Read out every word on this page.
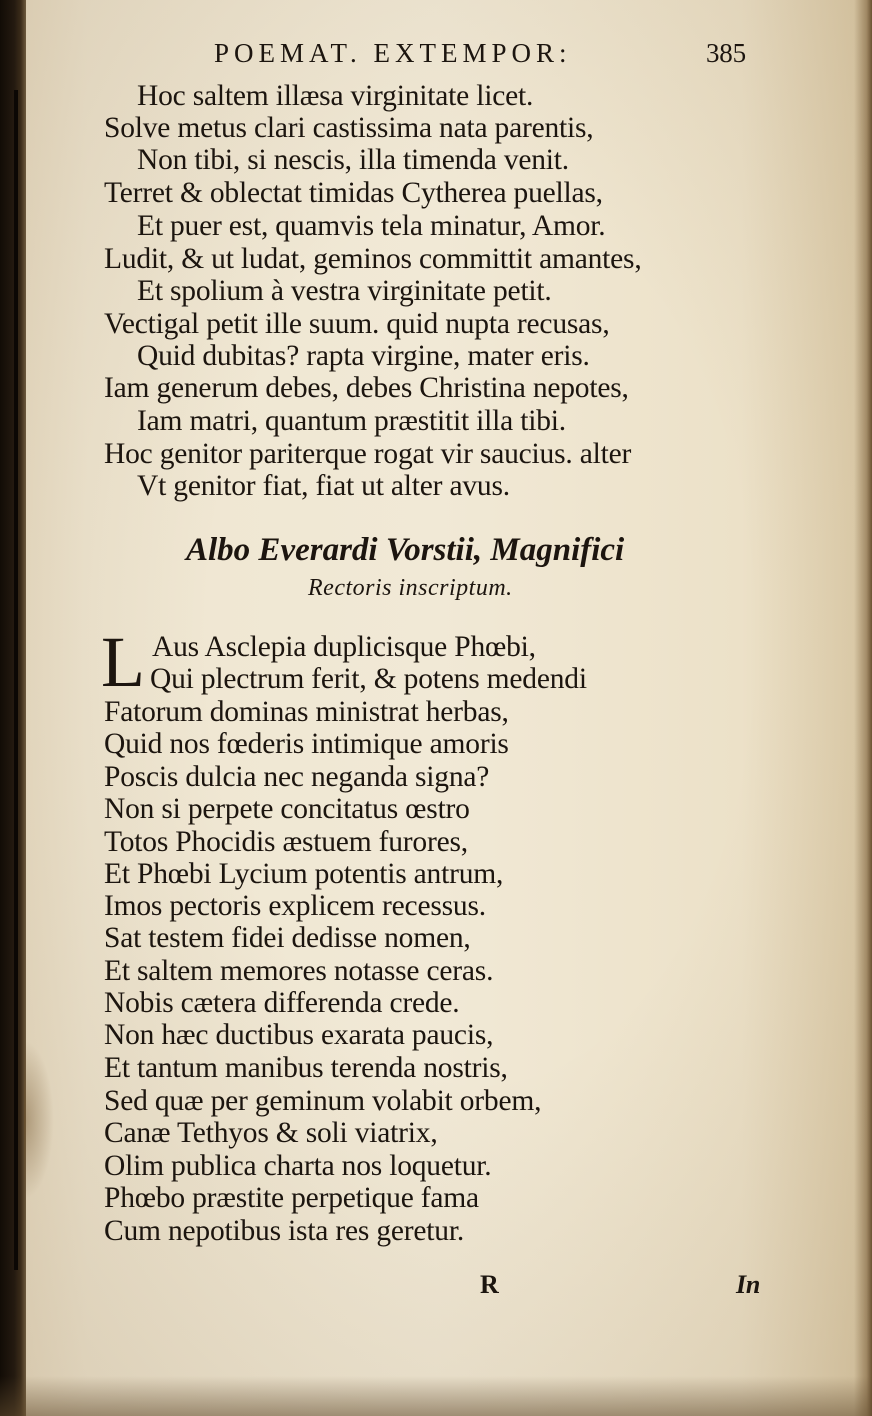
POEMAT. EXTEMPOR:	385

Hoc saltem illæsa virginitate licet.

Solve metus clari castissima nata parentis,

Non tibi, si nescis, illa timenda venit.

Terret & oblectat timidas Cytherea puellas,

Et puer est, quamvis tela minatur, Amor.

Ludit, & ut ludat, geminos committit amantes,

Et spolium à vestra virginitate petit.

Vectigal petit ille suum. quid nupta recusas,

Quid dubitas? rapta virgine, mater eris.

Iam generum debes, debes Christina nepotes,

Iam matri, quantum præstitit illa tibi.

Hoc genitor pariterque rogat vir saucius. alter

Vt genitor fiat, fiat ut alter avus.

Albo Everardi Vorstii, Magnifici

Rectoris inscriptum.

L Aus Asclepia duplicisque Phœbi,

Qui plectrum ferit, & potens medendi

Fatorum dominas ministrat herbas,

Quid nos fœderis intimique amoris

Poscis dulcia nec neganda signa?

Non si perpete concitatus œstro

Totos Phocidis æstuem furores,

Et Phœbi Lycium potentis antrum,

Imos pectoris explicem recessus.

Sat testem fidei dedisse nomen,

Et saltem memores notasse ceras.

Nobis cætera differenda crede.

Non hæc ductibus exarata paucis,

Et tantum manibus terenda nostris,

Sed quæ per geminum volabit orbem,

Canæ Tethyos & soli viatrix,

Olim publica charta nos loquetur.

Phœbo præstite perpetique fama

Cum nepotibus ista res geretur.

R	In
